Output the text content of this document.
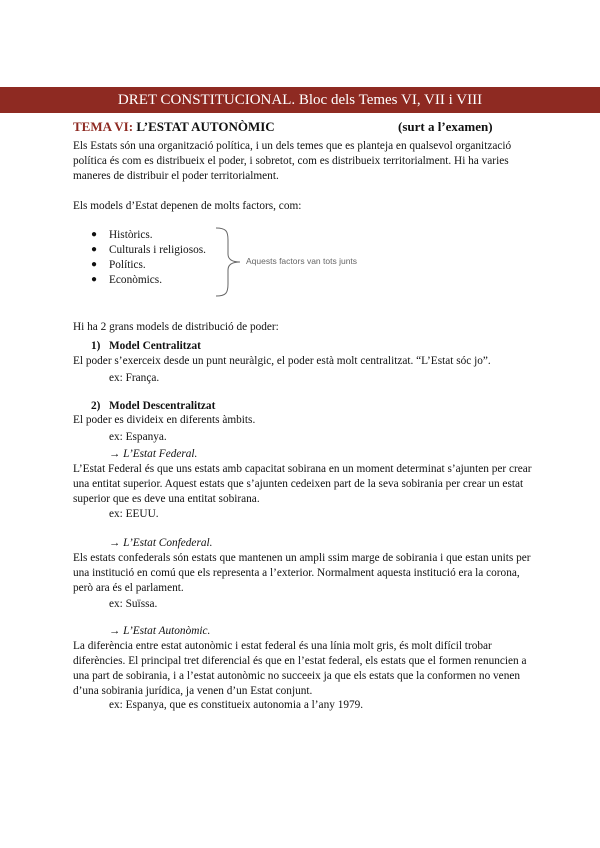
DRET CONSTITUCIONAL. Bloc dels Temes VI, VII i VIII
TEMA VI: L’ESTAT AUTONÒMIC	(surt a l’examen)
Els Estats són una organització política, i un dels temes que es planteja en qualsevol organització
política és com es distribueix el poder, i sobretot, com es distribueix territorialment. Hi ha varies
maneres de distribuir el poder territorialment.
Els models d’Estat depenen de molts factors, com:
● Històrics.
● Culturals i religiosos.
● Polítics.
● Econòmics.
Aquests factors van tots junts
Hi ha 2 grans models de distribució de poder:
1) Model Centralitzat
El poder s’exerceix desde un punt neuràlgic, el poder està molt centralitzat. “L’Estat sóc jo”.
ex: França.
2) Model Descentralitzat
El poder es divideix en diferents àmbits.
ex: Espanya.
→ L’Estat Federal.
L’Estat Federal és que uns estats amb capacitat sobirana en un moment determinat s’ajunten per crear
una entitat superior. Aquest estats que s’ajunten cedeixen part de la seva sobirania per crear un estat
superior que es deve una entitat sobirana.
ex: EEUU.
→ L’Estat Confederal.
Els estats confederals són estats que mantenen un ampli ssim marge de sobirania i que estan units per
una institució en comú que els representa a l’exterior. Normalment aquesta institució era la corona,
però ara és el parlament.
ex: Suïssa.
→ L’Estat Autonòmic.
La diferència entre estat autonòmic i estat federal és una línia molt gris, és molt difícil trobar
diferències. El principal tret diferencial és que en l’estat federal, els estats que el formen renuncien a
una part de sobirania, i a l’estat autonòmic no succeeix ja que els estats que la conformen no venen
d’una sobirania jurídica, ja venen d’un Estat conjunt.
ex: Espanya, que es constitueix autonomia a l’any 1979.
